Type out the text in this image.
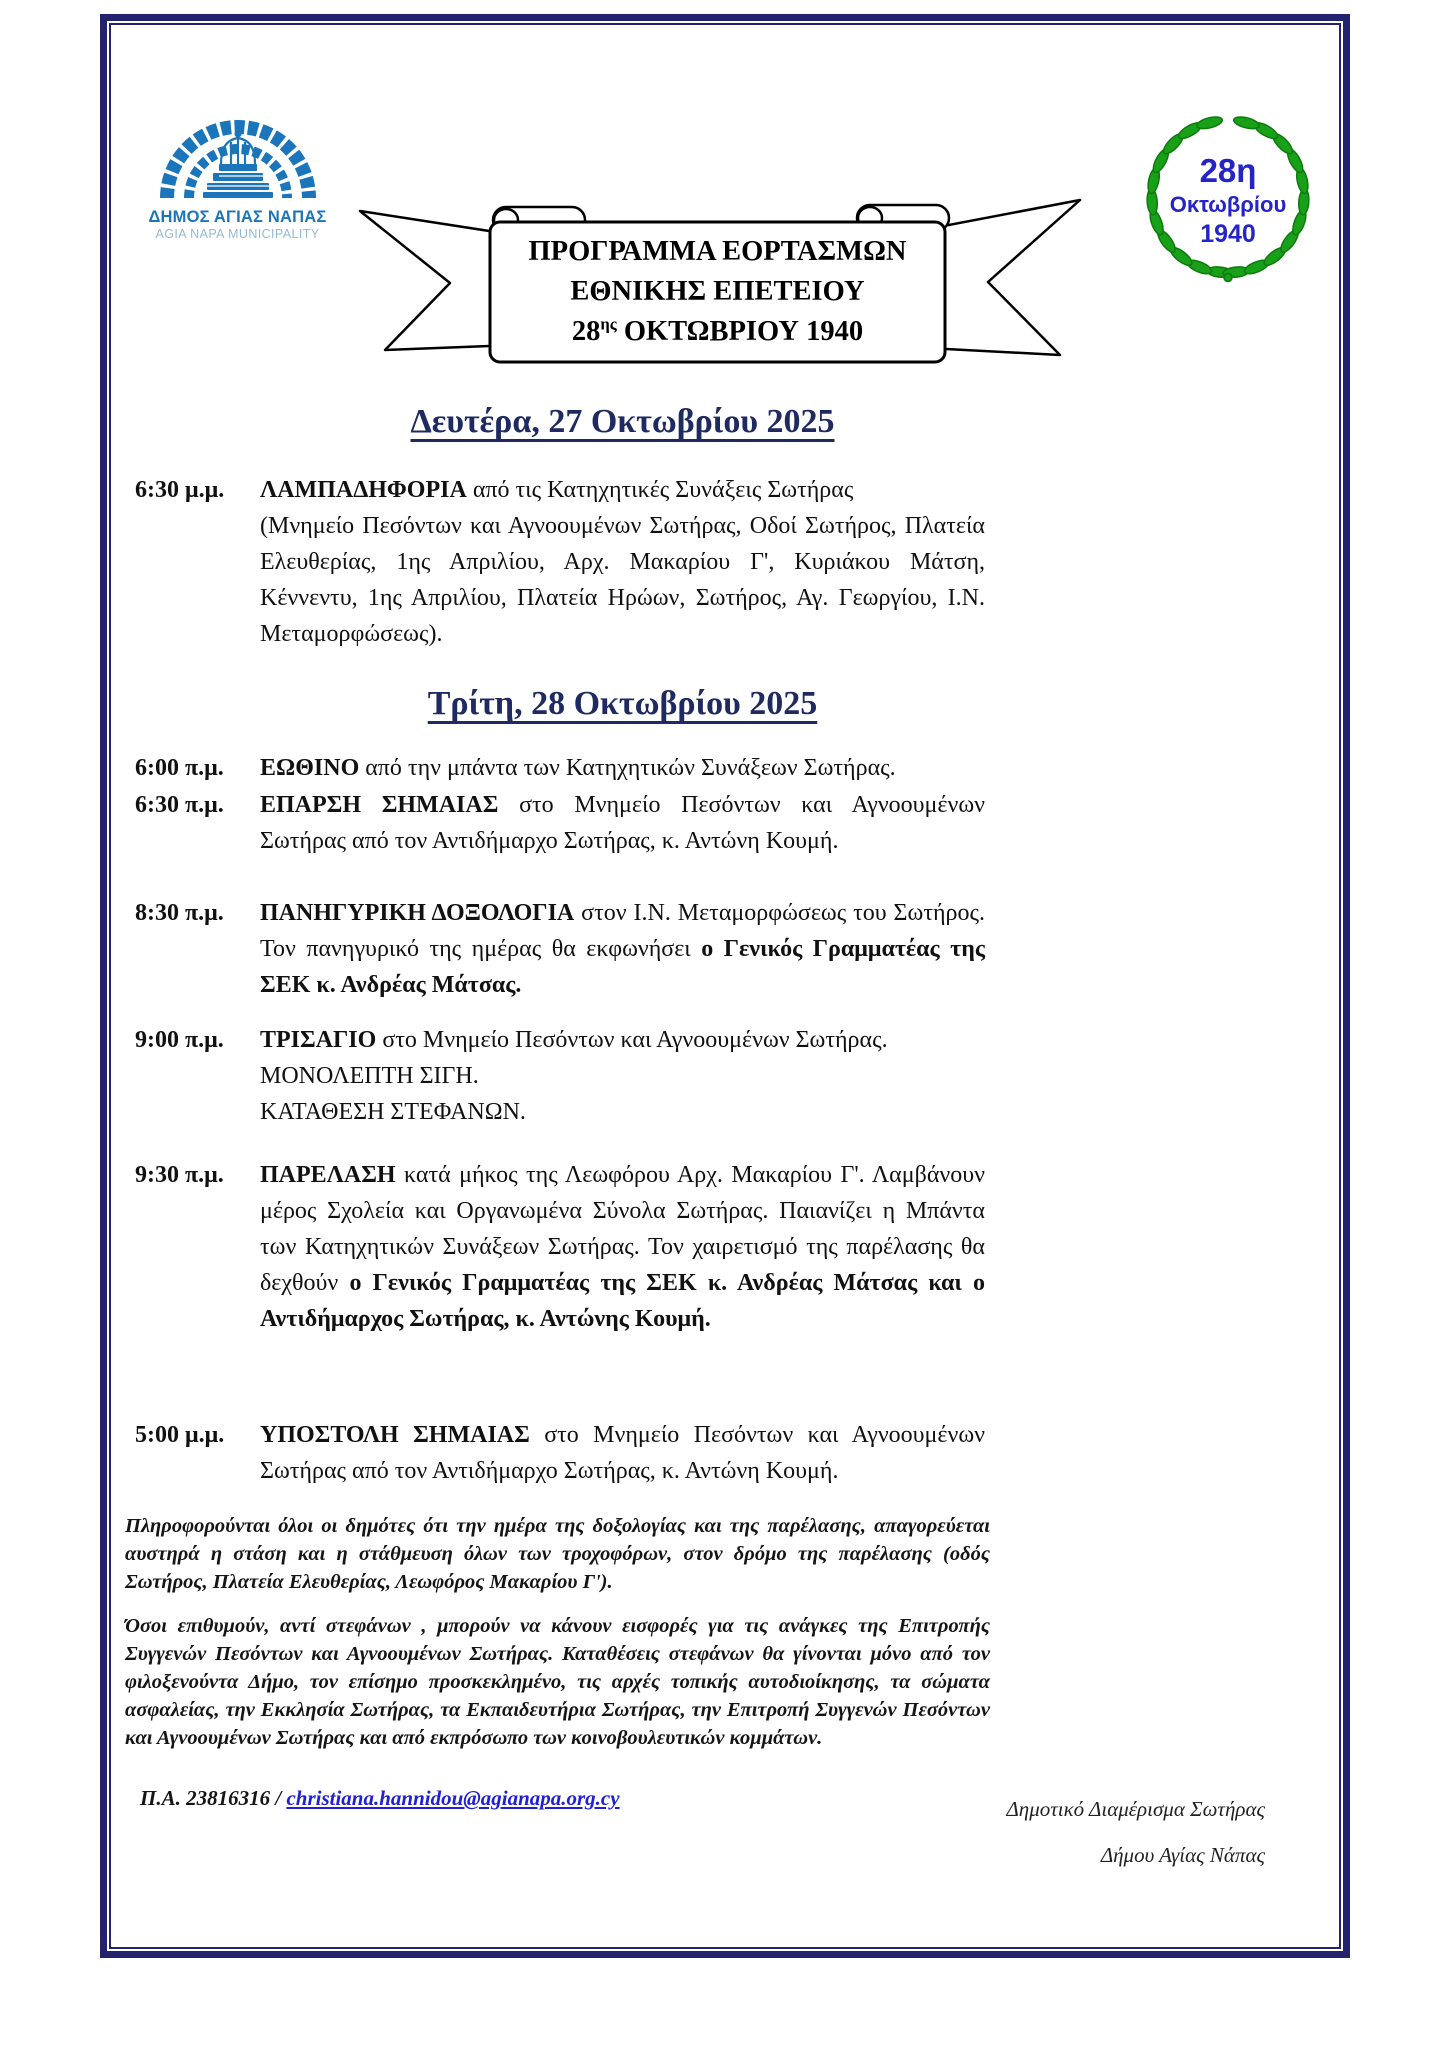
ΔΗΜΟΣ ΑΓΙΑΣ ΝΑΠΑΣ
AGIA NAPA MUNICIPALITY
ΠΡΟΓΡΑΜΜΑ ΕΟΡΤΑΣΜΩΝ
ΕΘΝΙΚΗΣ ΕΠΕΤΕΙΟΥ
$28^{\eta\varsigma}$ ΟΚΤΩΒΡΙΟΥ 1940
28η
Οκτωβρίου
1940
Δευτέρα, 27 Οκτωβρίου 2025
6:30 μ.μ.	ΛΑΜΠΑΔΗΦΟΡΙΑ από τις Κατηχητικές Συνάξεις Σωτήρας
(Μνημείο Πεσόντων και Αγνοουμένων Σωτήρας, Οδοί Σωτήρος, Πλατεία Ελευθερίας, 1ης Απριλίου, Αρχ. Μακαρίου Γ', Κυριάκου Μάτση, Κέννεντυ, 1ης Απριλίου, Πλατεία Ηρώων, Σωτήρος, Αγ. Γεωργίου, Ι.Ν. Μεταμορφώσεως).
Τρίτη, 28 Οκτωβρίου 2025
6:00 π.μ.	ΕΩΘΙΝΟ από την μπάντα των Κατηχητικών Συνάξεων Σωτήρας.
6:30 π.μ.	ΕΠΑΡΣΗ ΣΗΜΑΙΑΣ στο Μνημείο Πεσόντων και Αγνοουμένων Σωτήρας από τον Αντιδήμαρχο Σωτήρας, κ. Αντώνη Κουμή.
8:30 π.μ.	ΠΑΝΗΓΥΡΙΚΗ ΔΟΞΟΛΟΓΙΑ στον Ι.Ν. Μεταμορφώσεως του Σωτήρος. Τον πανηγυρικό της ημέρας θα εκφωνήσει ο Γενικός Γραμματέας της ΣΕΚ κ. Ανδρέας Μάτσας.
9:00 π.μ.	ΤΡΙΣΑΓΙΟ στο Μνημείο Πεσόντων και Αγνοουμένων Σωτήρας.
ΜΟΝΟΛΕΠΤΗ ΣΙΓΗ.
ΚΑΤΑΘΕΣΗ ΣΤΕΦΑΝΩΝ.
9:30 π.μ.	ΠΑΡΕΛΑΣΗ κατά μήκος της Λεωφόρου Αρχ. Μακαρίου Γ'. Λαμβάνουν μέρος Σχολεία και Οργανωμένα Σύνολα Σωτήρας. Παιανίζει η Μπάντα των Κατηχητικών Συνάξεων Σωτήρας. Τον χαιρετισμό της παρέλασης θα δεχθούν ο Γενικός Γραμματέας της ΣΕΚ κ. Ανδρέας Μάτσας και ο Αντιδήμαρχος Σωτήρας, κ. Αντώνης Κουμή.
5:00 μ.μ.	ΥΠΟΣΤΟΛΗ ΣΗΜΑΙΑΣ στο Μνημείο Πεσόντων και Αγνοουμένων Σωτήρας από τον Αντιδήμαρχο Σωτήρας, κ. Αντώνη Κουμή.
Πληροφορούνται όλοι οι δημότες ότι την ημέρα της δοξολογίας και της παρέλασης, απαγορεύεται αυστηρά η στάση και η στάθμευση όλων των τροχοφόρων, στον δρόμο της παρέλασης (οδός Σωτήρος, Πλατεία Ελευθερίας, Λεωφόρος Μακαρίου Γ').
Όσοι επιθυμούν, αντί στεφάνων , μπορούν να κάνουν εισφορές για τις ανάγκες της Επιτροπής Συγγενών Πεσόντων και Αγνοουμένων Σωτήρας. Καταθέσεις στεφάνων θα γίνονται μόνο από τον φιλοξενούντα Δήμο, τον επίσημο προσκεκλημένο, τις αρχές τοπικής αυτοδιοίκησης, τα σώματα ασφαλείας, την Εκκλησία Σωτήρας, τα Εκπαιδευτήρια Σωτήρας, την Επιτροπή Συγγενών Πεσόντων και Αγνοουμένων Σωτήρας και από εκπρόσωπο των κοινοβουλευτικών κομμάτων.
Π.Α. 23816316 / christiana.hannidou@agianapa.org.cy	Δημοτικό Διαμέρισμα Σωτήρας
Δήμου Αγίας Νάπας
